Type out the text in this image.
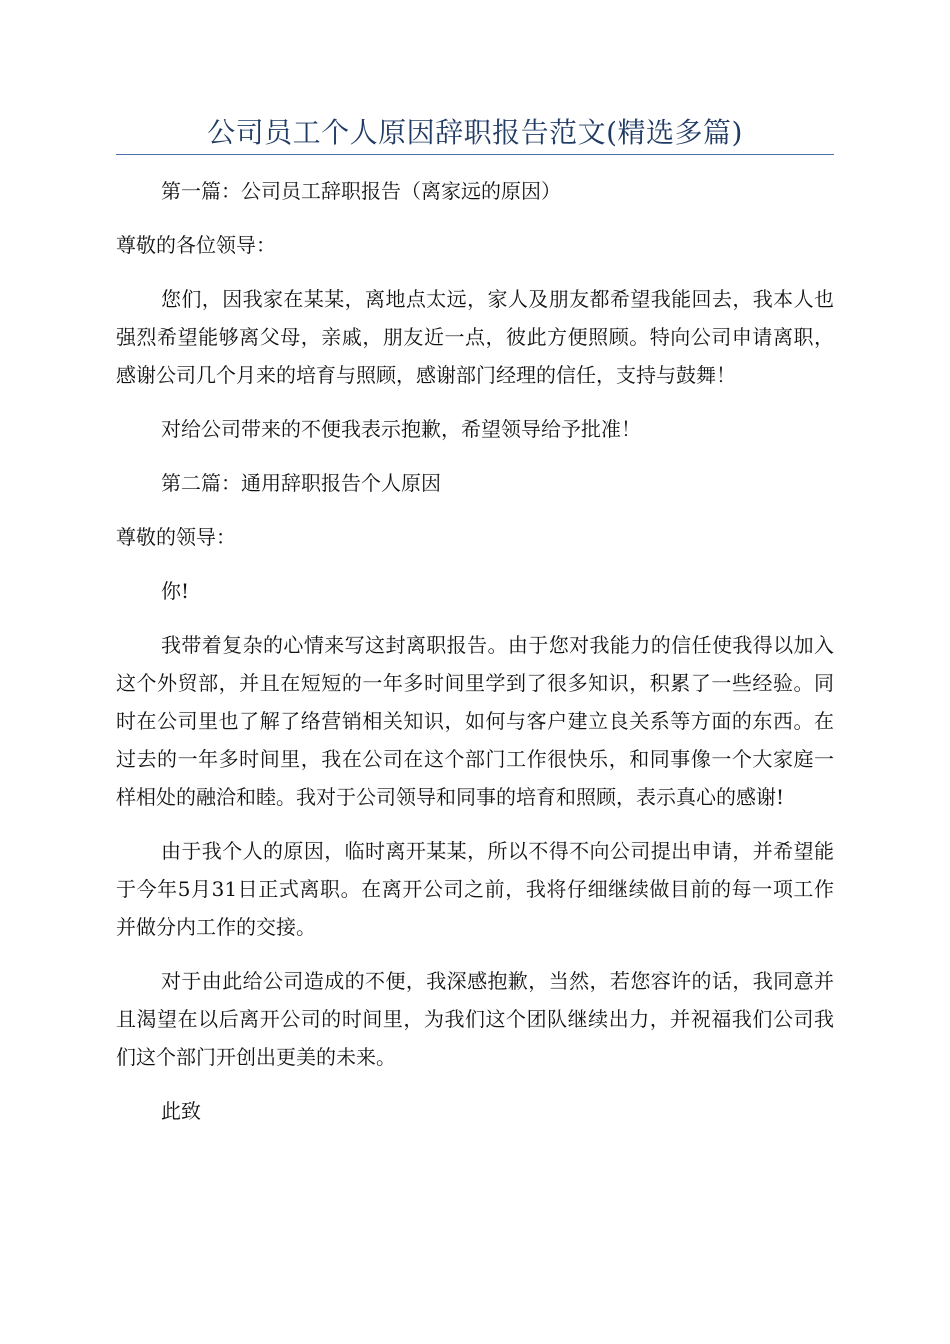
公司员工个人原因辞职报告范文(精选多篇)

第一篇：公司员工辞职报告（离家远的原因）

尊敬的各位领导：

您们，因我家在某某，离地点太远，家人及朋友都希望我能回去，我本人也强烈希望能够离父母，亲戚，朋友近一点，彼此方便照顾。特向公司申请离职，感谢公司几个月来的培育与照顾，感谢部门经理的信任，支持与鼓舞！

对给公司带来的不便我表示抱歉，希望领导给予批准！

第二篇：通用辞职报告个人原因

尊敬的领导：

你!

我带着复杂的心情来写这封离职报告。由于您对我能力的信任使我得以加入这个外贸部，并且在短短的一年多时间里学到了很多知识，积累了一些经验。同时在公司里也了解了络营销相关知识，如何与客户建立良关系等方面的东西。在过去的一年多时间里，我在公司在这个部门工作很快乐，和同事像一个大家庭一样相处的融洽和睦。我对于公司领导和同事的培育和照顾，表示真心的感谢!

由于我个人的原因，临时离开某某，所以不得不向公司提出申请，并希望能于今年5月31日正式离职。在离开公司之前，我将仔细继续做目前的每一项工作并做分内工作的交接。

对于由此给公司造成的不便，我深感抱歉，当然，若您容许的话，我同意并且渴望在以后离开公司的时间里，为我们这个团队继续出力，并祝福我们公司我们这个部门开创出更美的未来。

此致
